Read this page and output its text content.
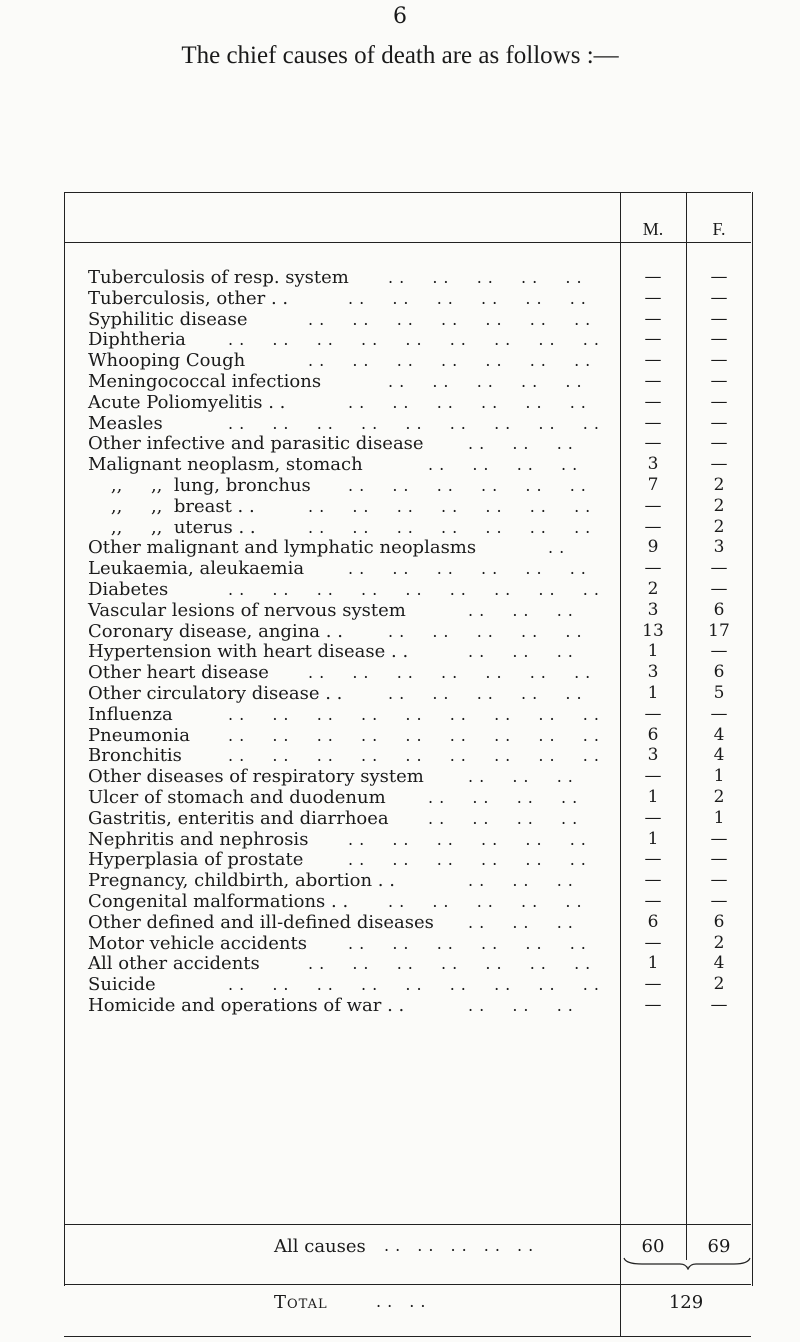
6
The chief causes of death are as follows :—
M.	F.
Tuberculosis of resp. system	—	—
..  ..  ..  ..  ..
Tuberculosis, other . .	—	—
..  ..  ..  ..  ..  ..
Syphilitic disease	—	—
..  ..  ..  ..  ..  ..  ..
Diphtheria	—	—
..  ..  ..  ..  ..  ..  ..  ..  ..
Whooping Cough	—	—
..  ..  ..  ..  ..  ..  ..
Meningococcal infections	—	—
..  ..  ..  ..  ..
Acute Poliomyelitis . .	—	—
..  ..  ..  ..  ..  ..
Measles	—	—
..  ..  ..  ..  ..  ..  ..  ..  ..
Other infective and parasitic disease	—	—
..  ..  ..
Malignant neoplasm, stomach	3	—
..  ..  ..  ..
,,     ,,  lung, bronchus	7	2
..  ..  ..  ..  ..  ..
,,     ,,  breast . .	—	2
..  ..  ..  ..  ..  ..  ..
,,     ,,  uterus . .	—	2
..  ..  ..  ..  ..  ..  ..
Other malignant and lymphatic neoplasms	9	3
..
Leukaemia, aleukaemia	—	—
..  ..  ..  ..  ..  ..
Diabetes	2	—
..  ..  ..  ..  ..  ..  ..  ..  ..
Vascular lesions of nervous system	3	6
..  ..  ..
Coronary disease, angina . .	13	17
..  ..  ..  ..  ..
Hypertension with heart disease . .	1	—
..  ..  ..
Other heart disease	3	6
..  ..  ..  ..  ..  ..  ..
Other circulatory disease . .	1	5
..  ..  ..  ..  ..
Influenza	—	—
..  ..  ..  ..  ..  ..  ..  ..  ..
Pneumonia	6	4
..  ..  ..  ..  ..  ..  ..  ..  ..
Bronchitis	3	4
..  ..  ..  ..  ..  ..  ..  ..  ..
Other diseases of respiratory system	—	1
..  ..  ..
Ulcer of stomach and duodenum	1	2
..  ..  ..  ..
Gastritis, enteritis and diarrhoea	—	1
..  ..  ..  ..
Nephritis and nephrosis	1	—
..  ..  ..  ..  ..  ..
Hyperplasia of prostate	—	—
..  ..  ..  ..  ..  ..
Pregnancy, childbirth, abortion . .	—	—
..  ..  ..
Congenital malformations . .	—	—
..  ..  ..  ..  ..
Other defined and ill-defined diseases	6	6
..  ..  ..
Motor vehicle accidents	—	2
..  ..  ..  ..  ..  ..
All other accidents	1	4
..  ..  ..  ..  ..  ..  ..
Suicide	—	2
..  ..  ..  ..  ..  ..  ..  ..  ..
Homicide and operations of war . .	—	—
..  ..  ..
All causes .. .. .. .. ..	60	69
Total	.. ..	129
